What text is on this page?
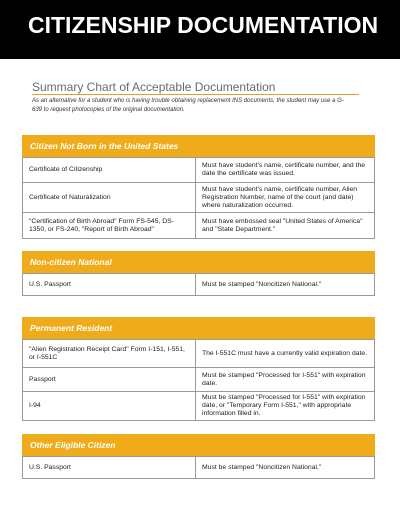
CITIZENSHIP DOCUMENTATION
Summary Chart of Acceptable Documentation
As an alternative for a student who is having trouble obtaining replacement INS documents, the student may use a G-639 to request photocopies of the original documentation.
Citizen Not Born in the United States
Certificate of Citizenship	Must have student's name, certificate number, and the date the certificate was issued.
Certificate of Naturalization	Must have student's name, certificate number, Alien Registration Number, name of the court (and date) where naturalization occurred.
"Certification of Birth Abroad" Form FS-545, DS-1350, or FS-240, "Report of Birth Abroad"	Must have embossed seal "United States of America" and "State Department."
Non-citizen National
U.S. Passport	Must be stamped "Noncitizen National."
Permanent Resident
"Alien Registration Receipt Card" Form I-151, I-551, or I-551C	The I-551C must have a currently valid expiration date.
Passport	Must be stamped "Processed for I-551" with expiration date.
I-94	Must be stamped "Processed for I-551" with expiration date, or "Temporary Form I-551," with appropriate information filled in.
Other Eligible Citizen
U.S. Passport	Must be stamped "Noncitizen National."
